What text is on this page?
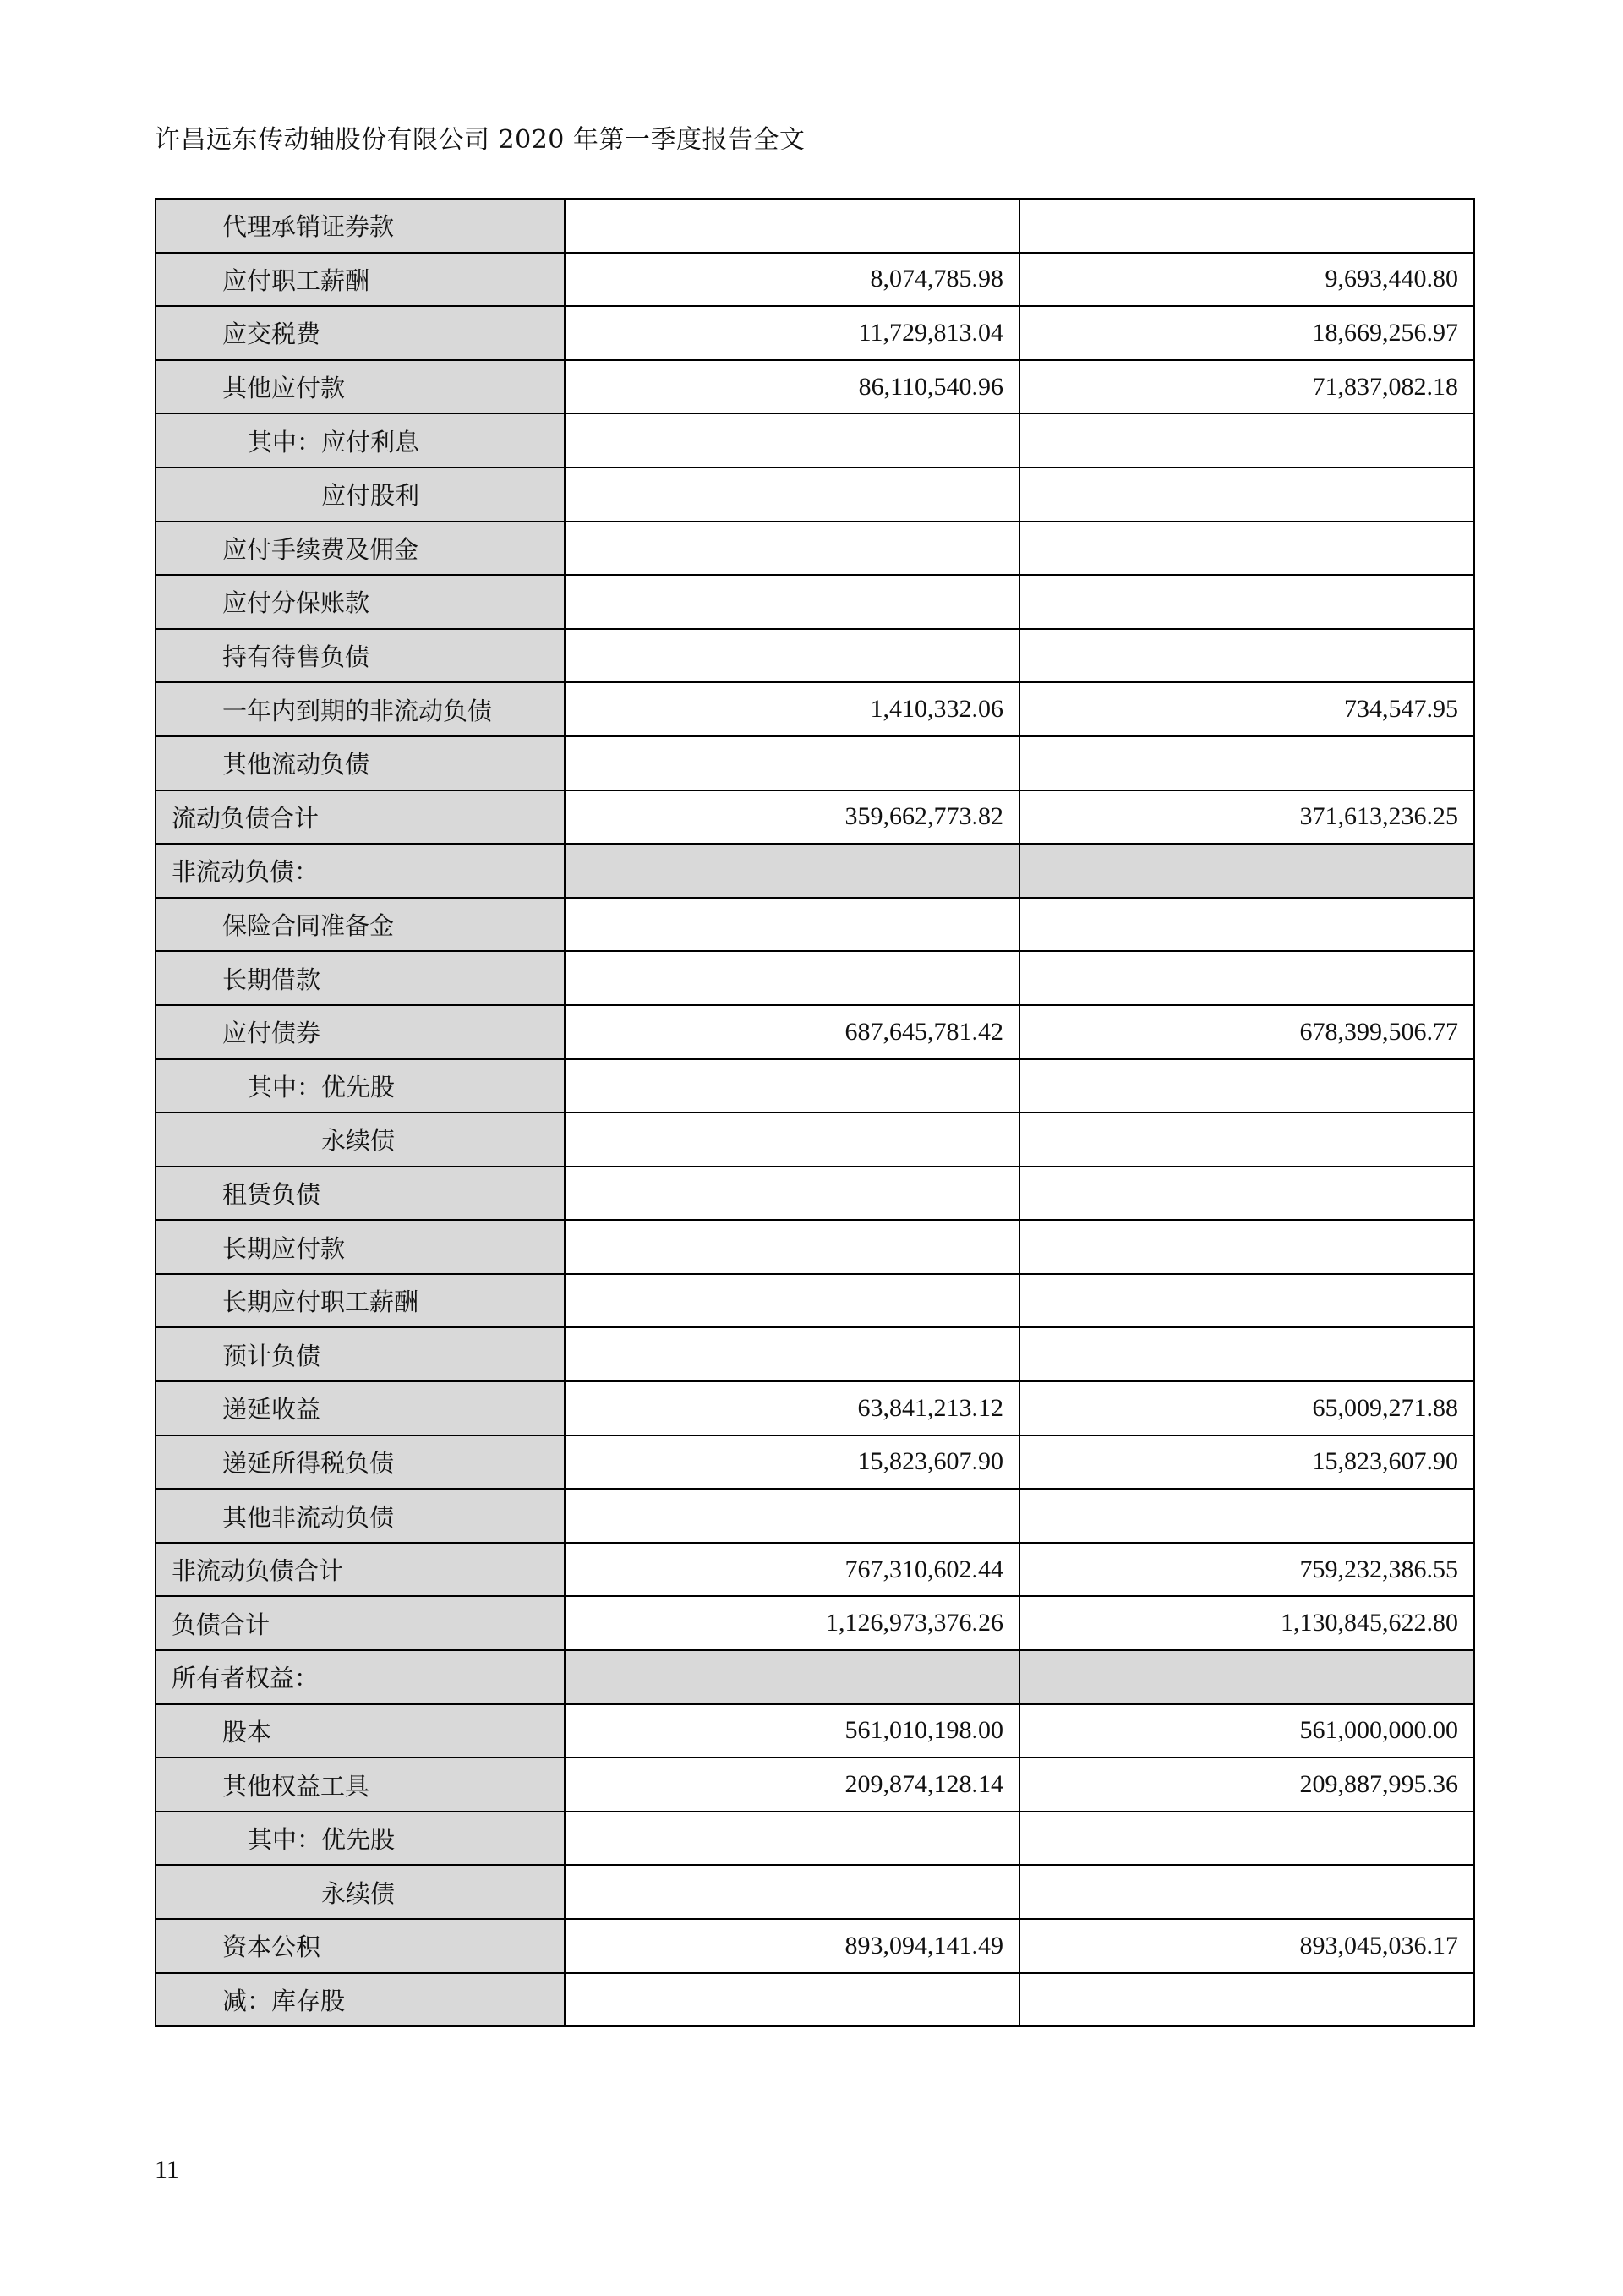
许昌远东传动轴股份有限公司 2020 年第一季度报告全文
代理承销证券款		
应付职工薪酬	8,074,785.98	9,693,440.80
应交税费	11,729,813.04	18,669,256.97
其他应付款	86,110,540.96	71,837,082.18
其中：应付利息		
应付股利		
应付手续费及佣金		
应付分保账款		
持有待售负债		
一年内到期的非流动负债	1,410,332.06	734,547.95
其他流动负债		
流动负债合计	359,662,773.82	371,613,236.25
非流动负债：		
保险合同准备金		
长期借款		
应付债券	687,645,781.42	678,399,506.77
其中：优先股		
永续债		
租赁负债		
长期应付款		
长期应付职工薪酬		
预计负债		
递延收益	63,841,213.12	65,009,271.88
递延所得税负债	15,823,607.90	15,823,607.90
其他非流动负债		
非流动负债合计	767,310,602.44	759,232,386.55
负债合计	1,126,973,376.26	1,130,845,622.80
所有者权益：		
股本	561,010,198.00	561,000,000.00
其他权益工具	209,874,128.14	209,887,995.36
其中：优先股		
永续债		
资本公积	893,094,141.49	893,045,036.17
减：库存股		
11
